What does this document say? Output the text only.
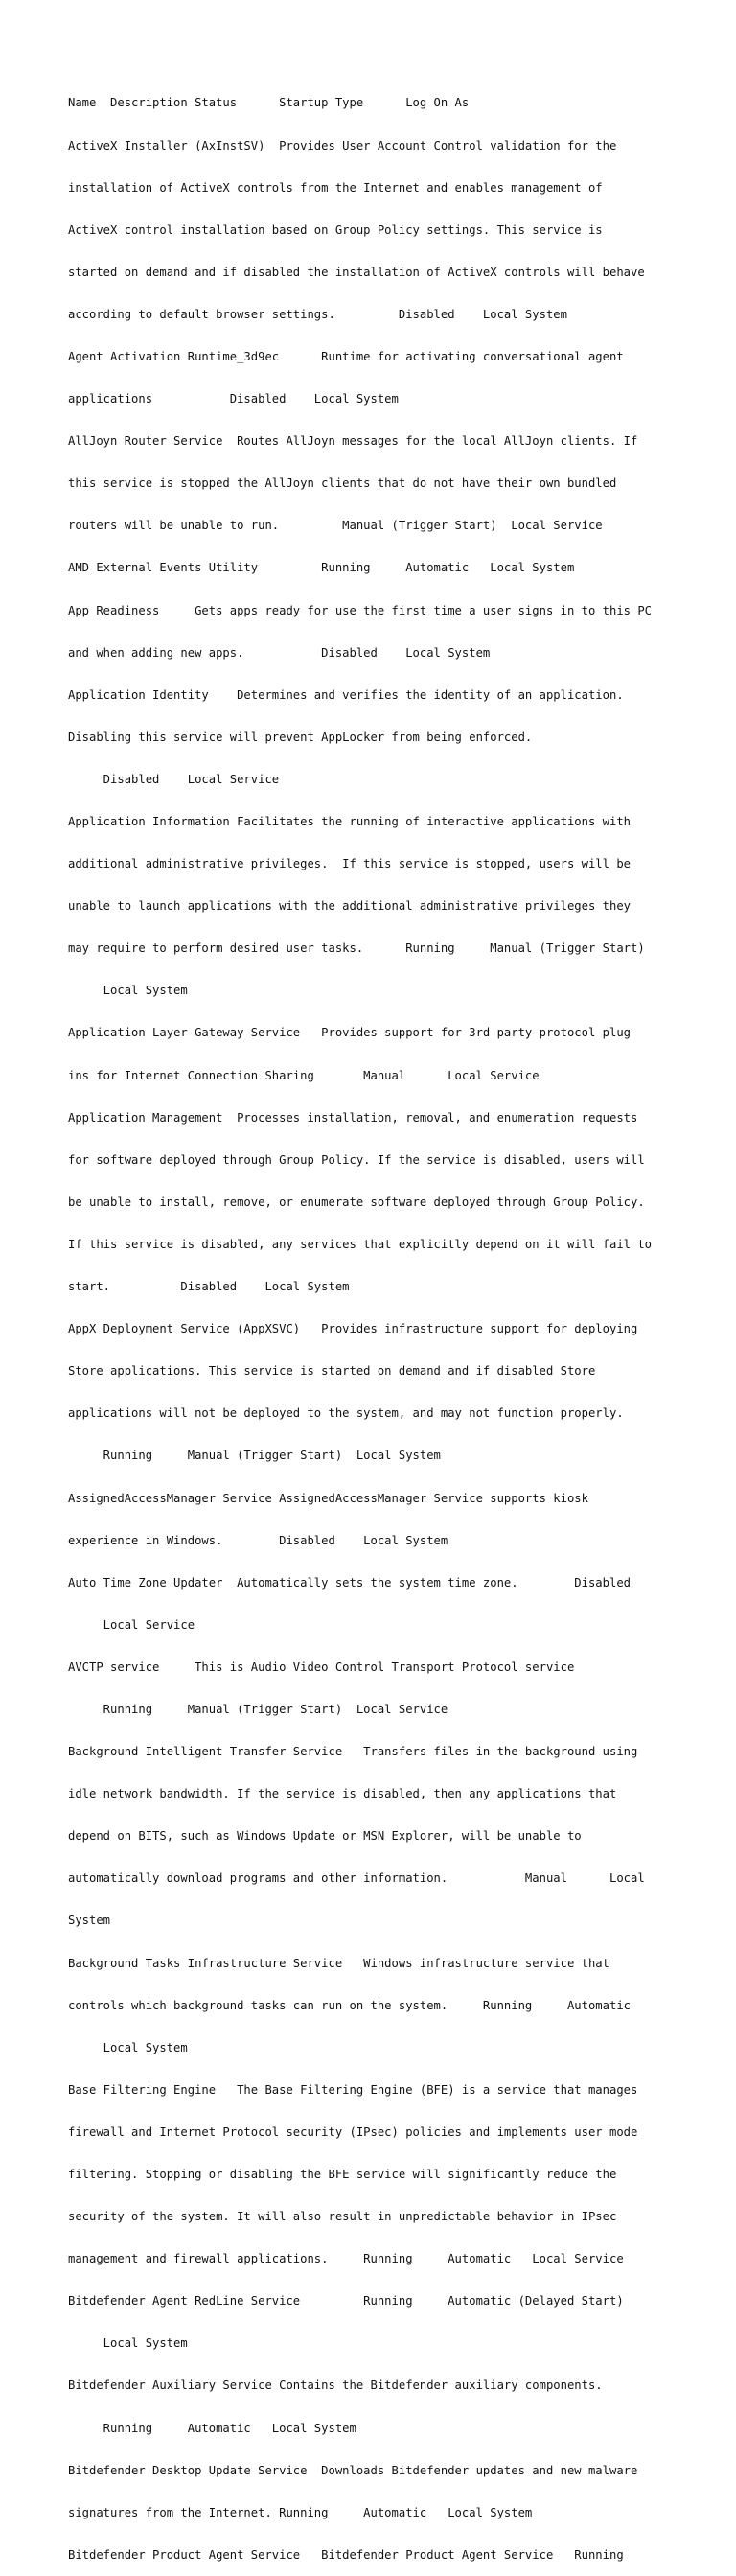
Name  Description Status      Startup Type      Log On As

ActiveX Installer (AxInstSV)  Provides User Account Control validation for the

installation of ActiveX controls from the Internet and enables management of

ActiveX control installation based on Group Policy settings. This service is

started on demand and if disabled the installation of ActiveX controls will behave

according to default browser settings.         Disabled    Local System

Agent Activation Runtime_3d9ec      Runtime for activating conversational agent

applications           Disabled    Local System

AllJoyn Router Service  Routes AllJoyn messages for the local AllJoyn clients. If

this service is stopped the AllJoyn clients that do not have their own bundled

routers will be unable to run.         Manual (Trigger Start)  Local Service

AMD External Events Utility         Running     Automatic   Local System

App Readiness     Gets apps ready for use the first time a user signs in to this PC

and when adding new apps.           Disabled    Local System

Application Identity    Determines and verifies the identity of an application.

Disabling this service will prevent AppLocker from being enforced.

Disabled    Local Service

Application Information Facilitates the running of interactive applications with

additional administrative privileges.  If this service is stopped, users will be

unable to launch applications with the additional administrative privileges they

may require to perform desired user tasks.      Running     Manual (Trigger Start)

Local System

Application Layer Gateway Service   Provides support for 3rd party protocol plug-

ins for Internet Connection Sharing       Manual      Local Service

Application Management  Processes installation, removal, and enumeration requests

for software deployed through Group Policy. If the service is disabled, users will

be unable to install, remove, or enumerate software deployed through Group Policy.

If this service is disabled, any services that explicitly depend on it will fail to

start.          Disabled    Local System

AppX Deployment Service (AppXSVC)   Provides infrastructure support for deploying

Store applications. This service is started on demand and if disabled Store

applications will not be deployed to the system, and may not function properly.

Running     Manual (Trigger Start)  Local System

AssignedAccessManager Service AssignedAccessManager Service supports kiosk

experience in Windows.        Disabled    Local System

Auto Time Zone Updater  Automatically sets the system time zone.        Disabled

Local Service

AVCTP service     This is Audio Video Control Transport Protocol service

Running     Manual (Trigger Start)  Local Service

Background Intelligent Transfer Service   Transfers files in the background using

idle network bandwidth. If the service is disabled, then any applications that

depend on BITS, such as Windows Update or MSN Explorer, will be unable to

automatically download programs and other information.           Manual      Local

System

Background Tasks Infrastructure Service   Windows infrastructure service that

controls which background tasks can run on the system.     Running     Automatic

Local System

Base Filtering Engine   The Base Filtering Engine (BFE) is a service that manages

firewall and Internet Protocol security (IPsec) policies and implements user mode

filtering. Stopping or disabling the BFE service will significantly reduce the

security of the system. It will also result in unpredictable behavior in IPsec

management and firewall applications.     Running     Automatic   Local Service

Bitdefender Agent RedLine Service         Running     Automatic (Delayed Start)

Local System

Bitdefender Auxiliary Service Contains the Bitdefender auxiliary components.

Running     Automatic   Local System

Bitdefender Desktop Update Service  Downloads Bitdefender updates and new malware

signatures from the Internet. Running     Automatic   Local System

Bitdefender Product Agent Service   Bitdefender Product Agent Service   Running
